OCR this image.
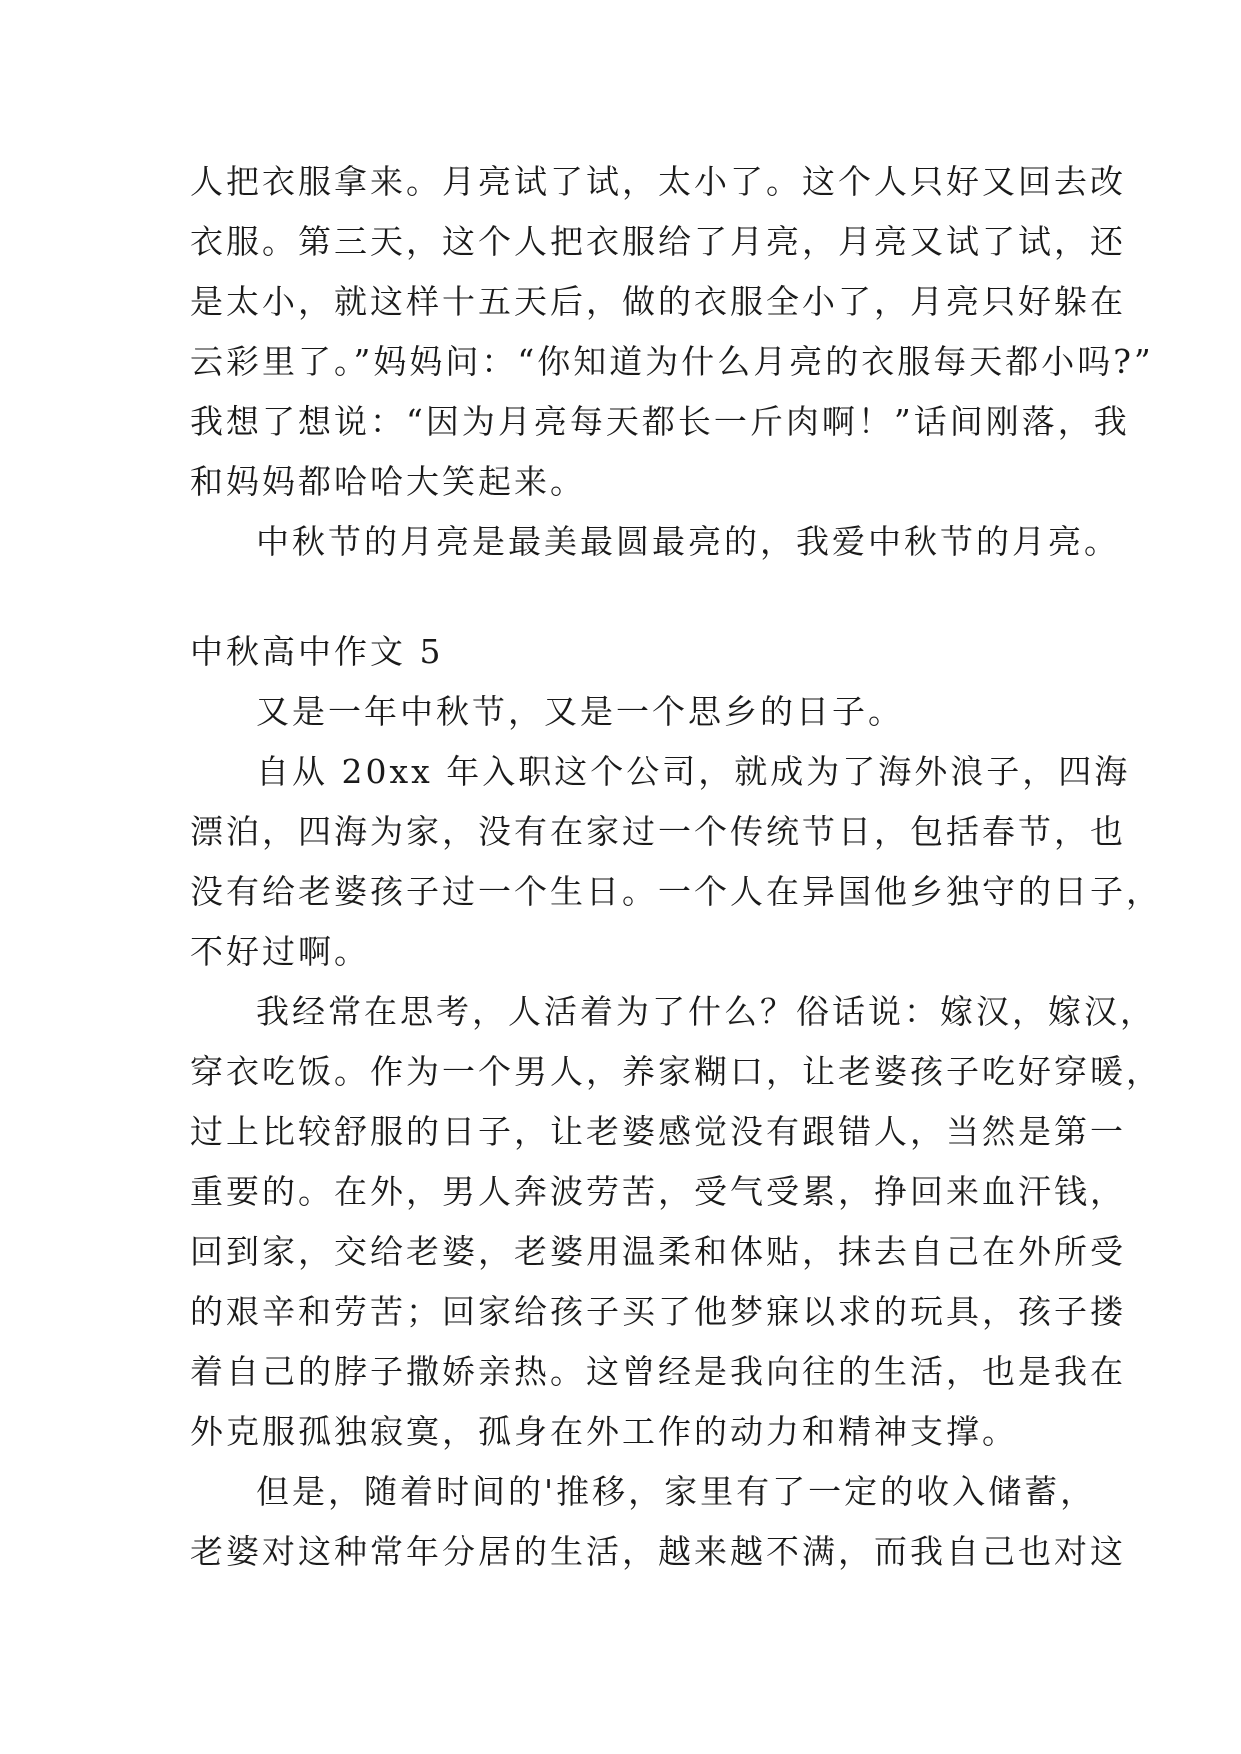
人把衣服拿来。月亮试了试，太小了。这个人只好又回去改
衣服。第三天，这个人把衣服给了月亮，月亮又试了试，还
是太小，就这样十五天后，做的衣服全小了，月亮只好躲在
云彩里了。”妈妈问：“你知道为什么月亮的衣服每天都小吗?”
我想了想说：“因为月亮每天都长一斤肉啊！”话间刚落，我
和妈妈都哈哈大笑起来。
中秋节的月亮是最美最圆最亮的，我爱中秋节的月亮。
中秋高中作文 5
又是一年中秋节，又是一个思乡的日子。
自从 20xx 年入职这个公司，就成为了海外浪子，四海
漂泊，四海为家，没有在家过一个传统节日，包括春节，也
没有给老婆孩子过一个生日。一个人在异国他乡独守的日子，
不好过啊。
我经常在思考，人活着为了什么？俗话说：嫁汉，嫁汉，
穿衣吃饭。作为一个男人，养家糊口，让老婆孩子吃好穿暖，
过上比较舒服的日子，让老婆感觉没有跟错人，当然是第一
重要的。在外，男人奔波劳苦，受气受累，挣回来血汗钱，
回到家，交给老婆，老婆用温柔和体贴，抹去自己在外所受
的艰辛和劳苦；回家给孩子买了他梦寐以求的玩具，孩子搂
着自己的脖子撒娇亲热。这曾经是我向往的生活，也是我在
外克服孤独寂寞，孤身在外工作的动力和精神支撑。
但是，随着时间的'推移，家里有了一定的收入储蓄，
老婆对这种常年分居的生活，越来越不满，而我自己也对这
